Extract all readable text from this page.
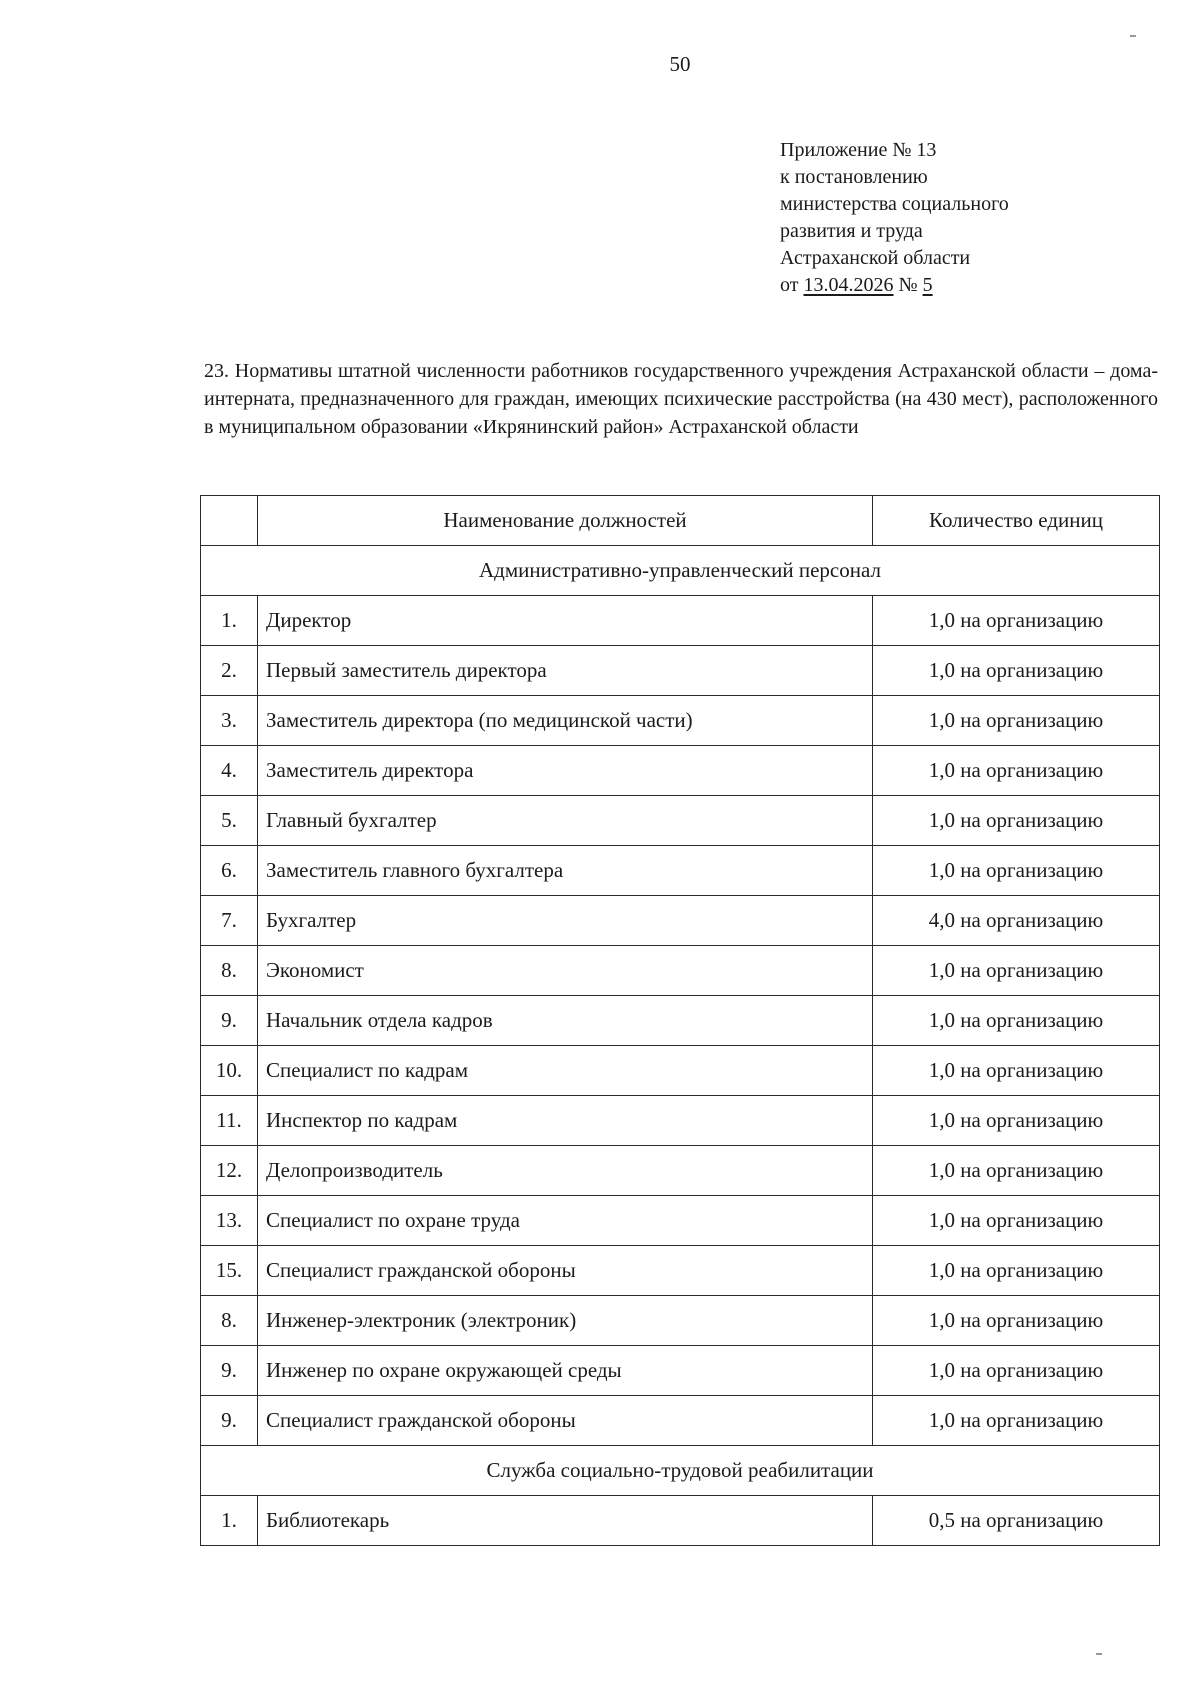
50
Приложение № 13
к постановлению
министерства социального
развития и труда
Астраханской области
от 13.04.2026 № 5
23. Нормативы штатной численности работников государственного учреждения Астраханской области – дома-интерната, предназначенного для граждан, имеющих психические расстройства (на 430 мест), расположенного в муниципальном образовании «Икрянинский район» Астраханской области
	Наименование должностей	Количество единиц
Административно-управленческий персонал		
1.	Директор	1,0 на организацию
2.	Первый заместитель директора	1,0 на организацию
3.	Заместитель директора (по медицинской части)	1,0 на организацию
4.	Заместитель директора	1,0 на организацию
5.	Главный бухгалтер	1,0 на организацию
6.	Заместитель главного бухгалтера	1,0 на организацию
7.	Бухгалтер	4,0 на организацию
8.	Экономист	1,0 на организацию
9.	Начальник отдела кадров	1,0 на организацию
10.	Специалист по кадрам	1,0 на организацию
11.	Инспектор по кадрам	1,0 на организацию
12.	Делопроизводитель	1,0 на организацию
13.	Специалист по охране труда	1,0 на организацию
15.	Специалист гражданской обороны	1,0 на организацию
8.	Инженер-электроник (электроник)	1,0 на организацию
9.	Инженер по охране окружающей среды	1,0 на организацию
9.	Специалист гражданской обороны	1,0 на организацию
Служба социально-трудовой реабилитации		
1.	Библиотекарь	0,5 на организацию
